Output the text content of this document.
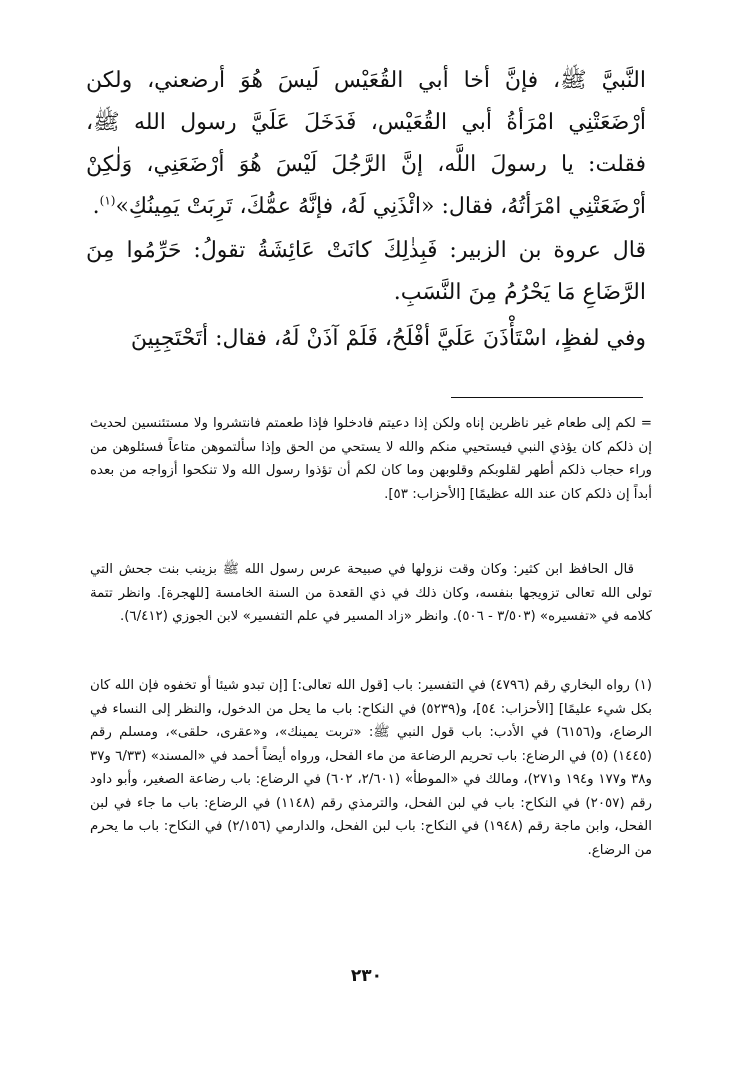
النَّبيَّ ﷺ، فإنَّ أخا أبي القُعَيْس لَيسَ هُوَ أرضعني، ولكن أرْضَعَتْنِي امْرَأةُ أبي القُعَيْس، فَدَخَلَ عَلَيَّ رسول الله ﷺ، فقلت: يا رسولَ اللَّه، إنَّ الرَّجُلَ لَيْسَ هُوَ أرْضَعَنِي، وَلٰكِنْ أرْضَعَتْنِي امْرَأتُهُ، فقال: «ائْذَنِي لَهُ، فإنَّهُ عمُّكَ، تَرِبَتْ يَمِينُكِ»$^{(١)}$.

قال عروة بن الزبير: فَبِذٰلِكَ كانَتْ عَائِشَةُ تقولُ: حَرِّمُوا مِنَ الرَّضَاعِ مَا يَحْرُمُ مِنَ النَّسَبِ.

وفي لفظٍ، اسْتَأْذَنَ عَلَيَّ أفْلَحُ، فَلَمْ آذَنْ لَهُ، فقال: أتَحْتَجِبِينَ

= لكم إلى طعام غير ناظرين إناه ولكن إذا دعيتم فادخلوا فإذا طعمتم فانتشروا ولا مستئنسين لحديث إن ذلكم كان يؤذي النبي فيستحيي منكم والله لا يستحي من الحق وإذا سألتموهن متاعاً فسئلوهن من وراء حجاب ذلكم أطهر لقلوبكم وقلوبهن وما كان لكم أن تؤذوا رسول الله ولا تنكحوا أزواجه من بعده أبداً إن ذلكم كان عند الله عظيمًا] [الأحزاب: ٥٣].

قال الحافظ ابن كثير: وكان وقت نزولها في صبيحة عرس رسول الله ﷺ بزينب بنت جحش التي تولى الله تعالى تزويجها بنفسه، وكان ذلك في ذي القعدة من السنة الخامسة [للهجرة]. وانظر تتمة كلامه في «تفسيره» (٣/٥٠٣ - ٥٠٦). وانظر «زاد المسير في علم التفسير» لابن الجوزي (٦/٤١٢).

(١) رواه البخاري رقم (٤٧٩٦) في التفسير: باب [قول الله تعالى:] [إن تبدو شيئا أو تخفوه فإن الله كان بكل شيء عليمًا] [الأحزاب: ٥٤]، و(٥٢٣٩) في النكاح: باب ما يحل من الدخول، والنظر إلى النساء في الرضاع، و(٦١٥٦) في الأدب: باب قول النبي ﷺ: «تربت يمينك»، و«عقرى، حلقى»، ومسلم رقم (١٤٤٥) (٥) في الرضاع: باب تحريم الرضاعة من ماء الفحل، ورواه أيضاً أحمد في «المسند» (٦/٣٣ و٣٧ و٣٨ و١٧٧ و١٩٤ و٢٧١)، ومالك في «الموطأ» (٢/٦٠١، ٦٠٢) في الرضاع: باب رضاعة الصغير، وأبو داود رقم (٢٠٥٧) في النكاح: باب في لبن الفحل، والترمذي رقم (١١٤٨) في الرضاع: باب ما جاء في لبن الفحل، وابن ماجة رقم (١٩٤٨) في النكاح: باب لبن الفحل، والدارمي (٢/١٥٦) في النكاح: باب ما يحرم من الرضاع.

٢٣٠
